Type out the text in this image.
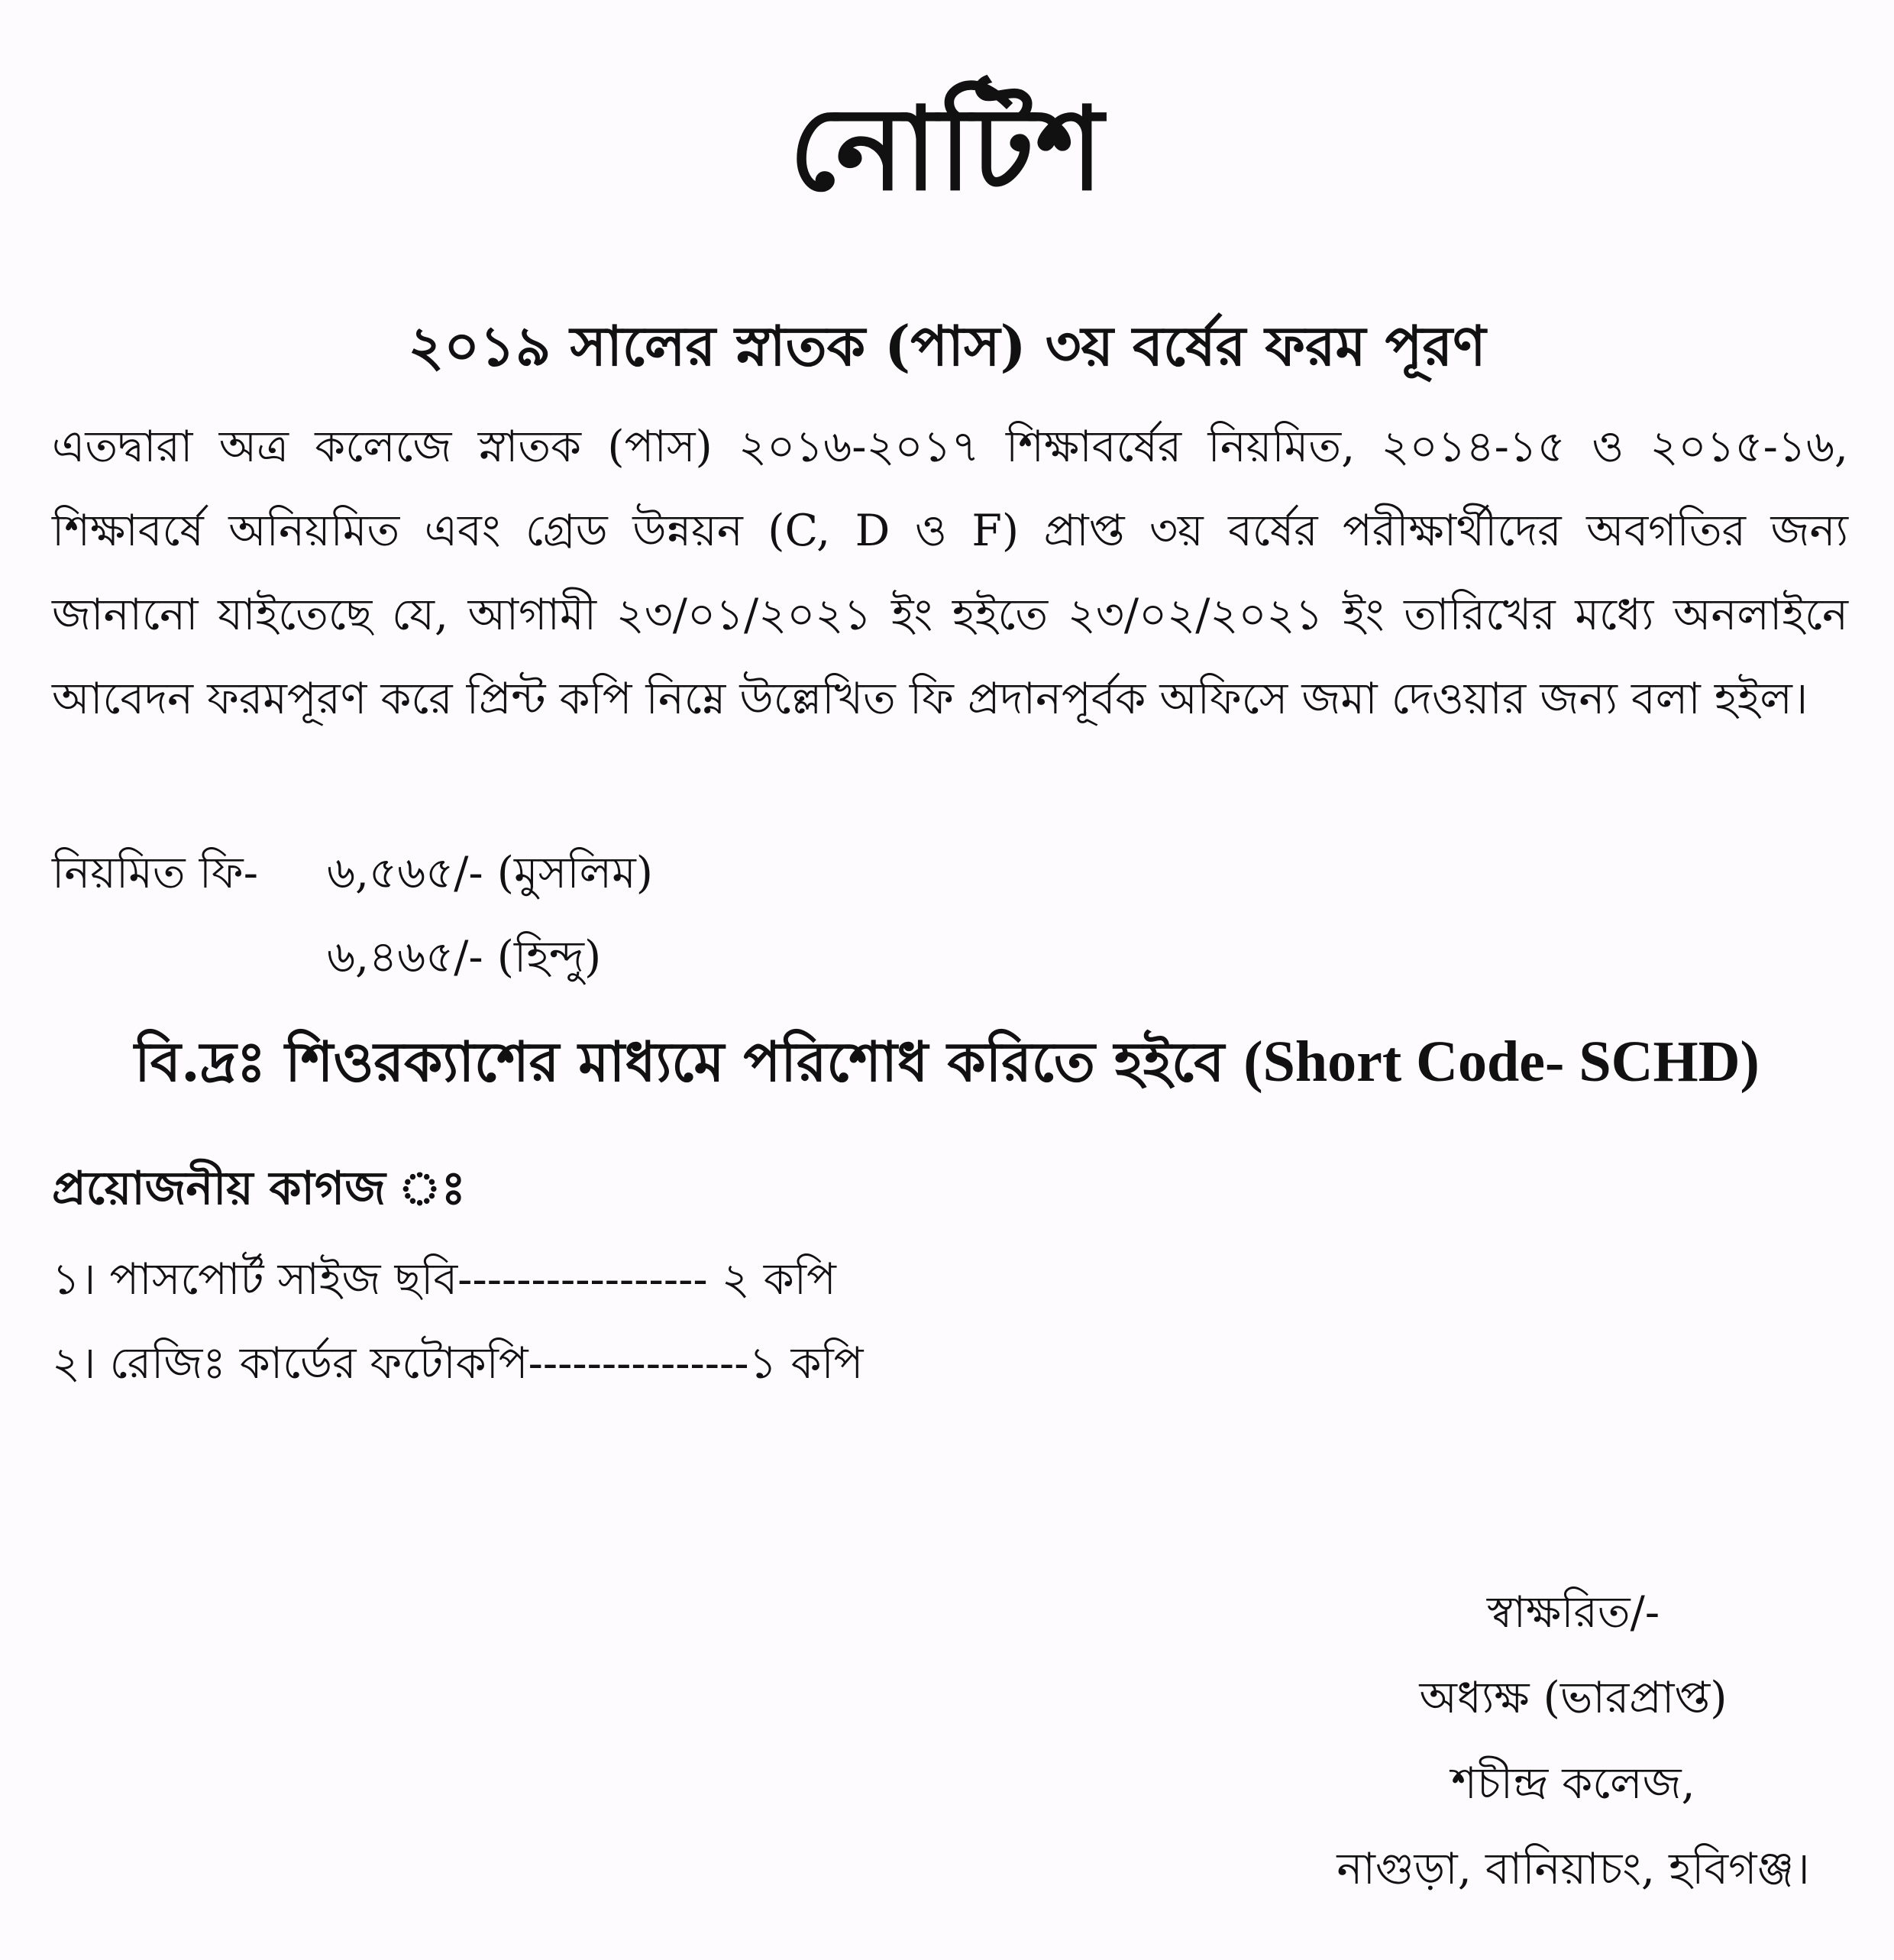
নোটিশ
২০১৯ সালের স্নাতক (পাস) ৩য় বর্ষের ফরম পূরণ
এতদ্বারা অত্র কলেজে স্নাতক (পাস) ২০১৬-২০১৭ শিক্ষাবর্ষের নিয়মিত, ২০১৪-১৫ ও ২০১৫-১৬, শিক্ষাবর্ষে অনিয়মিত এবং গ্রেড উন্নয়ন (C, D ও F) প্রাপ্ত ৩য় বর্ষের পরীক্ষার্থীদের অবগতির জন্য জানানো যাইতেছে যে, আগামী ২৩/০১/২০২১ ইং হইতে ২৩/০২/২০২১ ইং তারিখের মধ্যে অনলাইনে আবেদন ফরমপূরণ করে প্রিন্ট কপি নিম্নে উল্লেখিত ফি প্রদানপূর্বক অফিসে জমা দেওয়ার জন্য বলা হইল।
নিয়মিত ফি-	৬,৫৬৫/- (মুসলিম)
৬,৪৬৫/- (হিন্দু)
বি.দ্রঃ শিওরক্যাশের মাধ্যমে পরিশোধ করিতে হইবে (Short Code- SCHD)
প্রয়োজনীয় কাগজ ঃ
১। পাসপোর্ট সাইজ ছবি----------------- ২ কপি
২। রেজিঃ কার্ডের ফটোকপি---------------১ কপি
স্বাক্ষরিত/-
অধ্যক্ষ (ভারপ্রাপ্ত)
শচীন্দ্র কলেজ,
নাগুড়া, বানিয়াচং, হবিগঞ্জ।
